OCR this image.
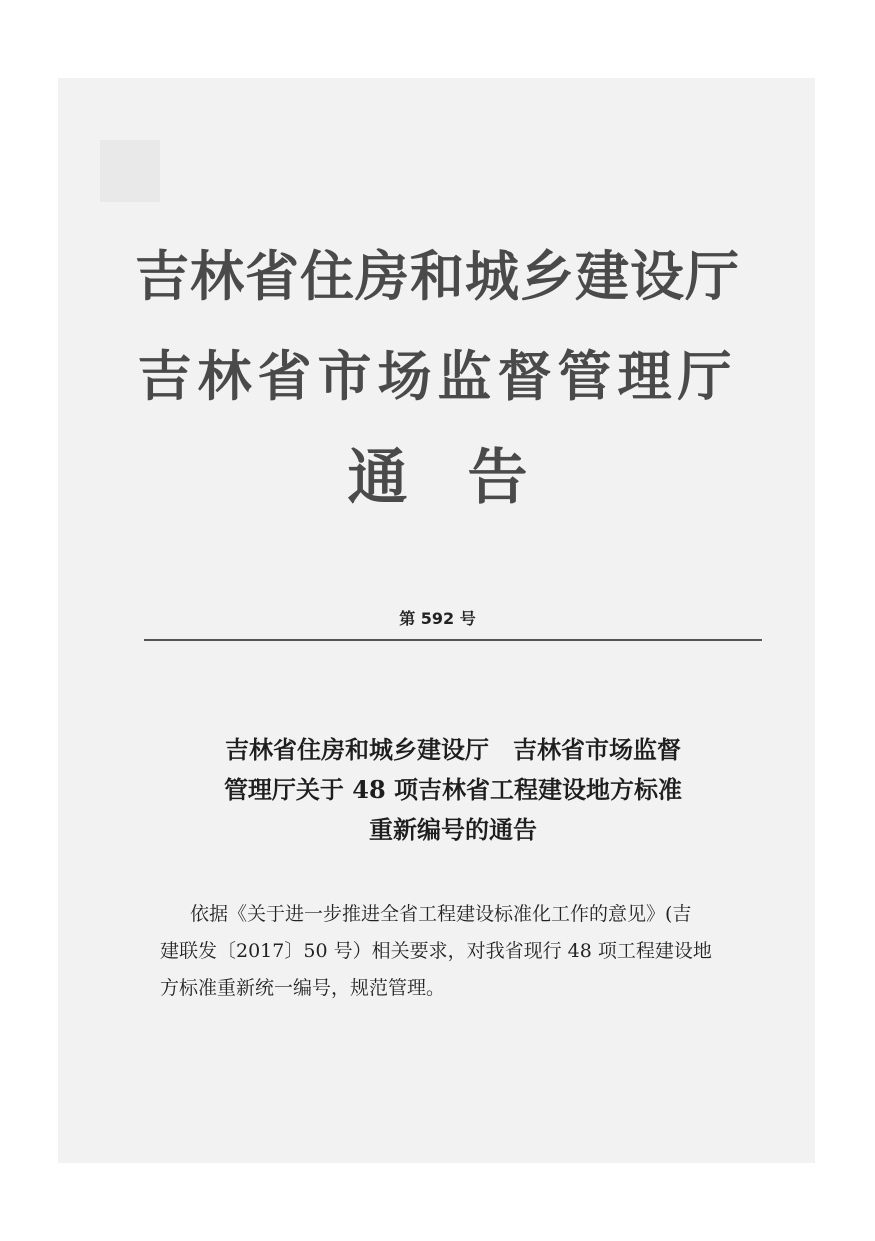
吉林省住房和城乡建设厅
吉林省市场监督管理厅
通告
第 592 号
吉林省住房和城乡建设厅　吉林省市场监督
管理厅关于 48 项吉林省工程建设地方标准
重新编号的通告
依据《关于进一步推进全省工程建设标准化工作的意见》(吉
建联发〔2017〕50 号）相关要求，对我省现行 48 项工程建设地
方标准重新统一编号，规范管理。
